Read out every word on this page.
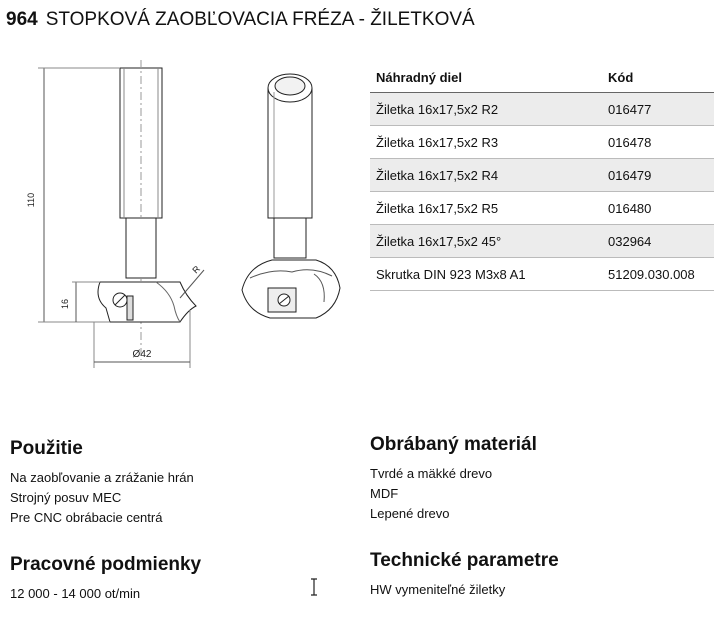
964 STOPKOVÁ ZAOBĽOVACIA FRÉZA - ŽILETKOVÁ
110
16
Ø42
R
Náhradný diel	Kód
Žiletka 16x17,5x2 R2	016477
Žiletka 16x17,5x2 R3	016478
Žiletka 16x17,5x2 R4	016479
Žiletka 16x17,5x2 R5	016480
Žiletka 16x17,5x2 45°	032964
Skrutka DIN 923 M3x8 A1	51209.030.008
Použitie
Na zaobľovanie a zrážanie hrán
Strojný posuv MEC
Pre CNC obrábacie centrá
Obrábaný materiál
Tvrdé a mäkké drevo
MDF
Lepené drevo
Pracovné podmienky
12 000 - 14 000 ot/min
Technické parametre
HW vymeniteľné žiletky
